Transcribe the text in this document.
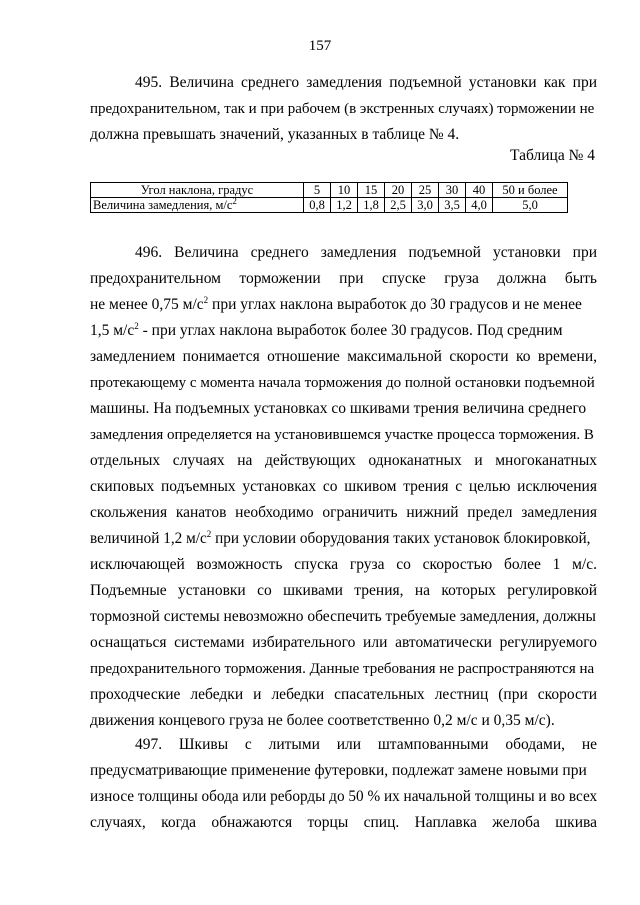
157
495. Величина среднего замедления подъемной установки как при
предохранительном, так и при рабочем (в экстренных случаях) торможении не
должна превышать значений, указанных в таблице № 4.
Таблица № 4
Угол наклона, градус	5	10	15	20	25	30	40	50 и более
Величина замедления, $м/с^2$	0,8	1,2	1,8	2,5	3,0	3,5	4,0	5,0
496. Величина среднего замедления подъемной установки при
предохранительном торможении при спуске груза должна быть
не менее 0,75 $м/с^2$ при углах наклона выработок до 30 градусов и не менее
1,5 $м/с^2$ - при углах наклона выработок более 30 градусов. Под средним
замедлением понимается отношение максимальной скорости ко времени,
протекающему с момента начала торможения до полной остановки подъемной
машины. На подъемных установках со шкивами трения величина среднего
замедления определяется на установившемся участке процесса торможения. В
отдельных случаях на действующих одноканатных и многоканатных
скиповых подъемных установках со шкивом трения с целью исключения
скольжения канатов необходимо ограничить нижний предел замедления
величиной 1,2 $м/с^2$ при условии оборудования таких установок блокировкой,
исключающей возможность спуска груза со скоростью более 1 м/с.
Подъемные установки со шкивами трения, на которых регулировкой
тормозной системы невозможно обеспечить требуемые замедления, должны
оснащаться системами избирательного или автоматически регулируемого
предохранительного торможения. Данные требования не распространяются на
проходческие лебедки и лебедки спасательных лестниц (при скорости
движения концевого груза не более соответственно 0,2 м/с и 0,35 м/с).
497. Шкивы с литыми или штампованными ободами, не
предусматривающие применение футеровки, подлежат замене новыми при
износе толщины обода или реборды до 50 % их начальной толщины и во всех
случаях, когда обнажаются торцы спиц. Наплавка желоба шкива
